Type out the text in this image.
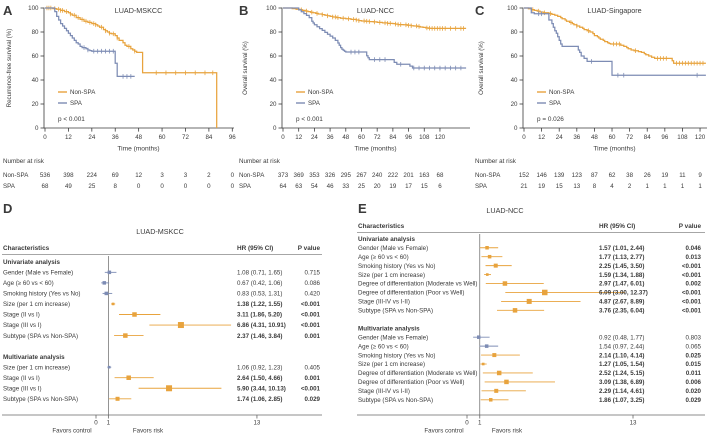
A	LUAD-MSKCC
0
20
40
60
80
100
0	12	24	36	48	60	72	84	96
Time (months)
Recurrence-free survival (%)	Non-SPA
SPA
p < 0.001
Number at risk
Non-SPA 536 398 224 69	12	3	3	2	0
SPA	68	49	25	8	0	0	0	0	0
B	LUAD-NCC
0
20
40
60
80
100
0 12 24 36 48 60 72 84 96 108 120
Time (months)
Overall survival (%)	Non-SPA
SPA
p < 0.001
Number at risk
Non-SPA 373 369 353 326 295 267 240 222 201 163 68
SPA	64 63 54 46 33 25 20 19 17 15 6
C	LUAD-Singapore
0
20
40
60
80
100
0 12 24 36 48 60 72 84 96 108 120
Time (months)
Overall survival (%)	Non-SPA
SPA
p = 0.026
Number at risk
Non-SPA	152 146 139 123 87 62 38 26 19 11 9
SPA	21 19 15 13 8 4 2 1 1 1 1
D
LUAD-MSKCC
Characteristics	HR (95% CI)	P value
Univariate analysis
Gender (Male vs Female)	1.08 (0.71, 1.65)	0.715
Age (≥ 60 vs < 60)	0.67 (0.42, 1.06)	0.086
Smoking history (Yes vs No)	0.83 (0.53, 1.31)	0.420
Size (per 1 cm increase)	1.38 (1.22, 1.55)	<0.001
Stage (II vs I)	3.11 (1.86, 5.20)	<0.001
Stage (III vs I)	6.86 (4.31, 10.91) <0.001
Subtype (SPA vs Non-SPA)	2.37 (1.46, 3.84)	0.001
Multivariate analysis
Size (per 1 cm increase)	1.06 (0.92, 1.23)	0.405
Stage (II vs I)	2.64 (1.50, 4.66)	0.001
Stage (III vs I)	5.90 (3.44, 10.13) <0.001
Subtype (SPA vs Non-SPA)	1.74 (1.06, 2.85)	0.029
0 1	13
Favors control	Favors risk
E	LUAD-NCC
Characteristics	HR (95% CI)	P value
Univariate analysis
Gender (Male vs Female)	1.57 (1.01, 2.44)	0.046
Age (≥ 60 vs < 60)	1.77 (1.13, 2.77)	0.013
Smoking history (Yes vs No)	2.25 (1.45, 3.50)	<0.001
Size (per 1 cm increase)	1.59 (1.34, 1.88)	<0.001
Degree of differentiation (Moderate vs Well)	2.97 (1.47, 6.01)	0.002
Degree of differentiation (Poor vs Well)	6.09 (3.00, 12.37)	<0.001
Stage (III-IV vs I-II)	4.87 (2.67, 8.89)	<0.001
Subtype (SPA vs Non-SPA)	3.76 (2.35, 6.04)	<0.001
Multivariate analysis
Gender (Male vs Female)	0.92 (0.48, 1.77)	0.803
Age (≥ 60 vs < 60)	1.54 (0.97, 2.44)	0.065
Smoking history (Yes vs No)	2.14 (1.10, 4.14)	0.025
Size (per 1 cm increase)	1.27 (1.05, 1.54)	0.015
Degree of differentiation (Moderate vs Well)	2.52 (1.24, 5.15)	0.011
Degree of differentiation (Poor vs Well)	3.09 (1.38, 6.89)	0.006
Stage (III-IV vs I-II)	2.29 (1.14, 4.61)	0.020
Subtype (SPA vs Non-SPA)	1.86 (1.07, 3.25)	0.029
0 1	13
Favors control	Favors risk
